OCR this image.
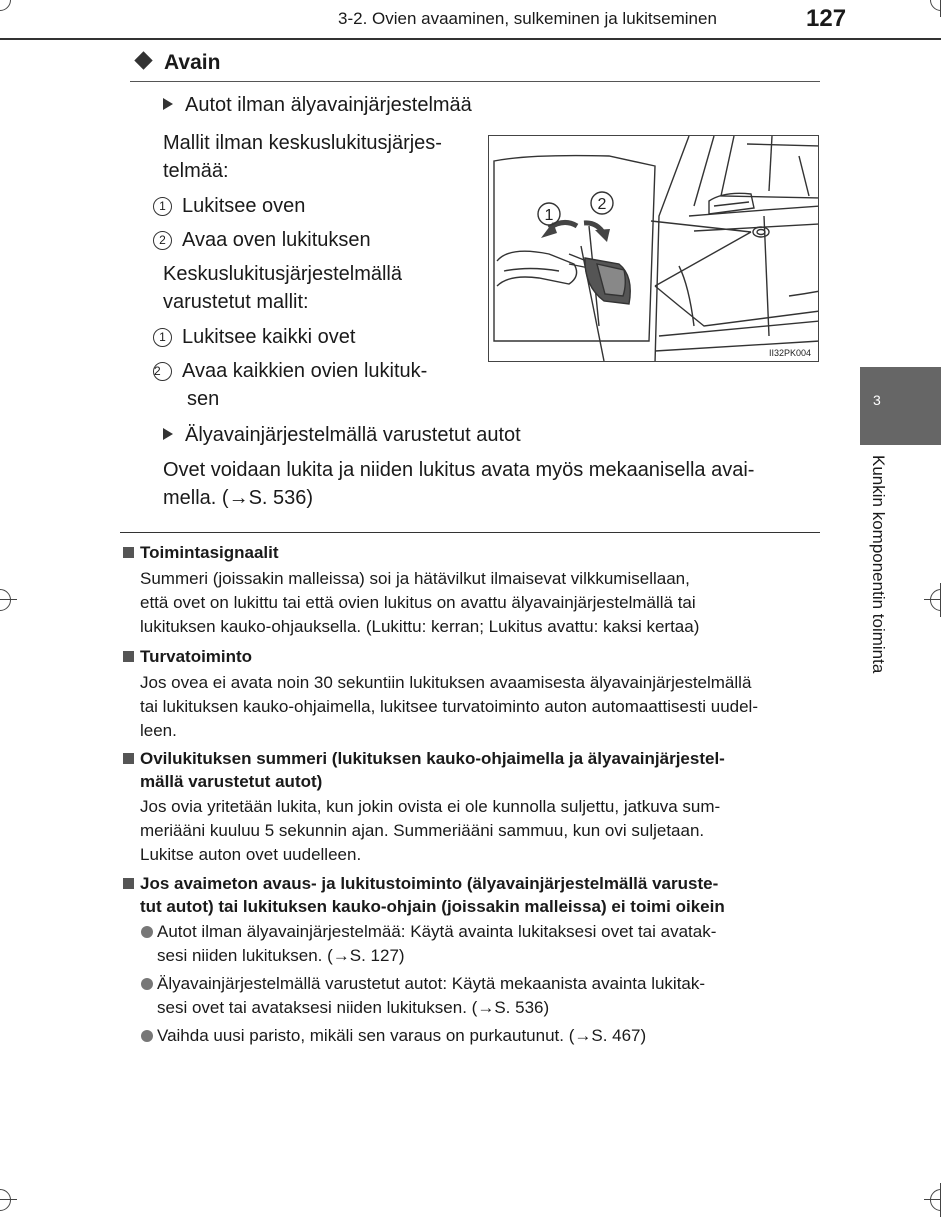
3-2. Ovien avaaminen, sulkeminen ja lukitseminen	127
3
Kunkin komponentin toiminta
Avain
Autot ilman älyavainjärjestelmää
Mallit ilman keskuslukitusjärjes-
telmää:
1 Lukitsee oven
2 Avaa oven lukituksen
Keskuslukitusjärjestelmällä
varustetut mallit:
1 Lukitsee kaikki ovet
2 Avaa kaikkien ovien lukituk-
sen
Älyavainjärjestelmällä varustetut autot
Ovet voidaan lukita ja niiden lukitus avata myös mekaanisella avai-
mella. (→S. 536)
1
2
II32PK004
Toimintasignaalit
Summeri (joissakin malleissa) soi ja hätävilkut ilmaisevat vilkkumisellaan,
että ovet on lukittu tai että ovien lukitus on avattu älyavainjärjestelmällä tai
lukituksen kauko-ohjauksella. (Lukittu: kerran; Lukitus avattu: kaksi kertaa)
Turvatoiminto
Jos ovea ei avata noin 30 sekuntiin lukituksen avaamisesta älyavainjärjestelmällä
tai lukituksen kauko-ohjaimella, lukitsee turvatoiminto auton automaattisesti uudel-
leen.
Ovilukituksen summeri (lukituksen kauko-ohjaimella ja älyavainjärjestel-
mällä varustetut autot)
Jos ovia yritetään lukita, kun jokin ovista ei ole kunnolla suljettu, jatkuva sum-
meriääni kuuluu 5 sekunnin ajan. Summeriääni sammuu, kun ovi suljetaan.
Lukitse auton ovet uudelleen.
Jos avaimeton avaus- ja lukitustoiminto (älyavainjärjestelmällä varuste-
tut autot) tai lukituksen kauko-ohjain (joissakin malleissa) ei toimi oikein
Autot ilman älyavainjärjestelmää: Käytä avainta lukitaksesi ovet tai avatak-
sesi niiden lukituksen. (→S. 127)
Älyavainjärjestelmällä varustetut autot: Käytä mekaanista avainta lukitak-
sesi ovet tai avataksesi niiden lukituksen. (→S. 536)
Vaihda uusi paristo, mikäli sen varaus on purkautunut. (→S. 467)
